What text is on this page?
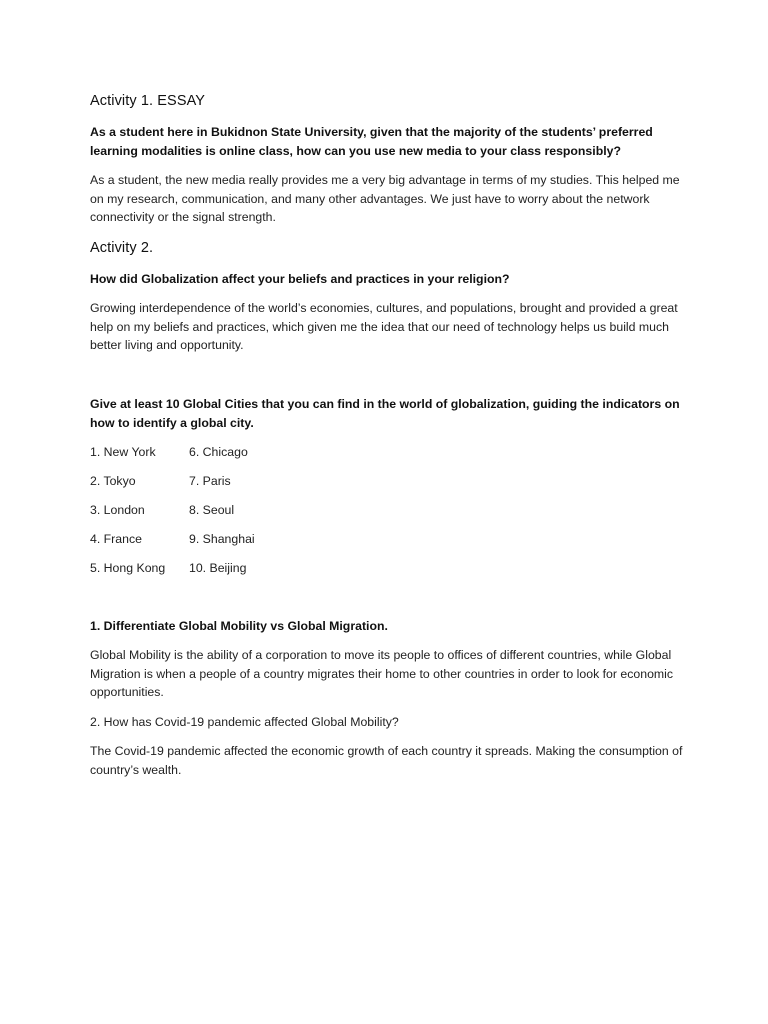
Activity 1. ESSAY

As a student here in Bukidnon State University, given that the majority of the students’ preferred learning modalities is online class, how can you use new media to your class responsibly?

As a student, the new media really provides me a very big advantage in terms of my studies. This helped me on my research, communication, and many other advantages. We just have to worry about the network connectivity or the signal strength.

Activity 2.

How did Globalization affect your beliefs and practices in your religion?

Growing interdependence of the world’s economies, cultures, and populations, brought and provided a great help on my beliefs and practices, which given me the idea that our need of technology helps us build much better living and opportunity.

Give at least 10 Global Cities that you can find in the world of globalization, guiding the indicators on how to identify a global city.

1. New York	6. Chicago
2. Tokyo	7. Paris
3. London	8. Seoul
4. France	9. Shanghai
5. Hong Kong 10. Beijing

1. Differentiate Global Mobility vs Global Migration.

Global Mobility is the ability of a corporation to move its people to offices of different countries, while Global Migration is when a people of a country migrates their home to other countries in order to look for economic opportunities.

2. How has Covid-19 pandemic affected Global Mobility?

The Covid-19 pandemic affected the economic growth of each country it spreads. Making the consumption of country’s wealth.
